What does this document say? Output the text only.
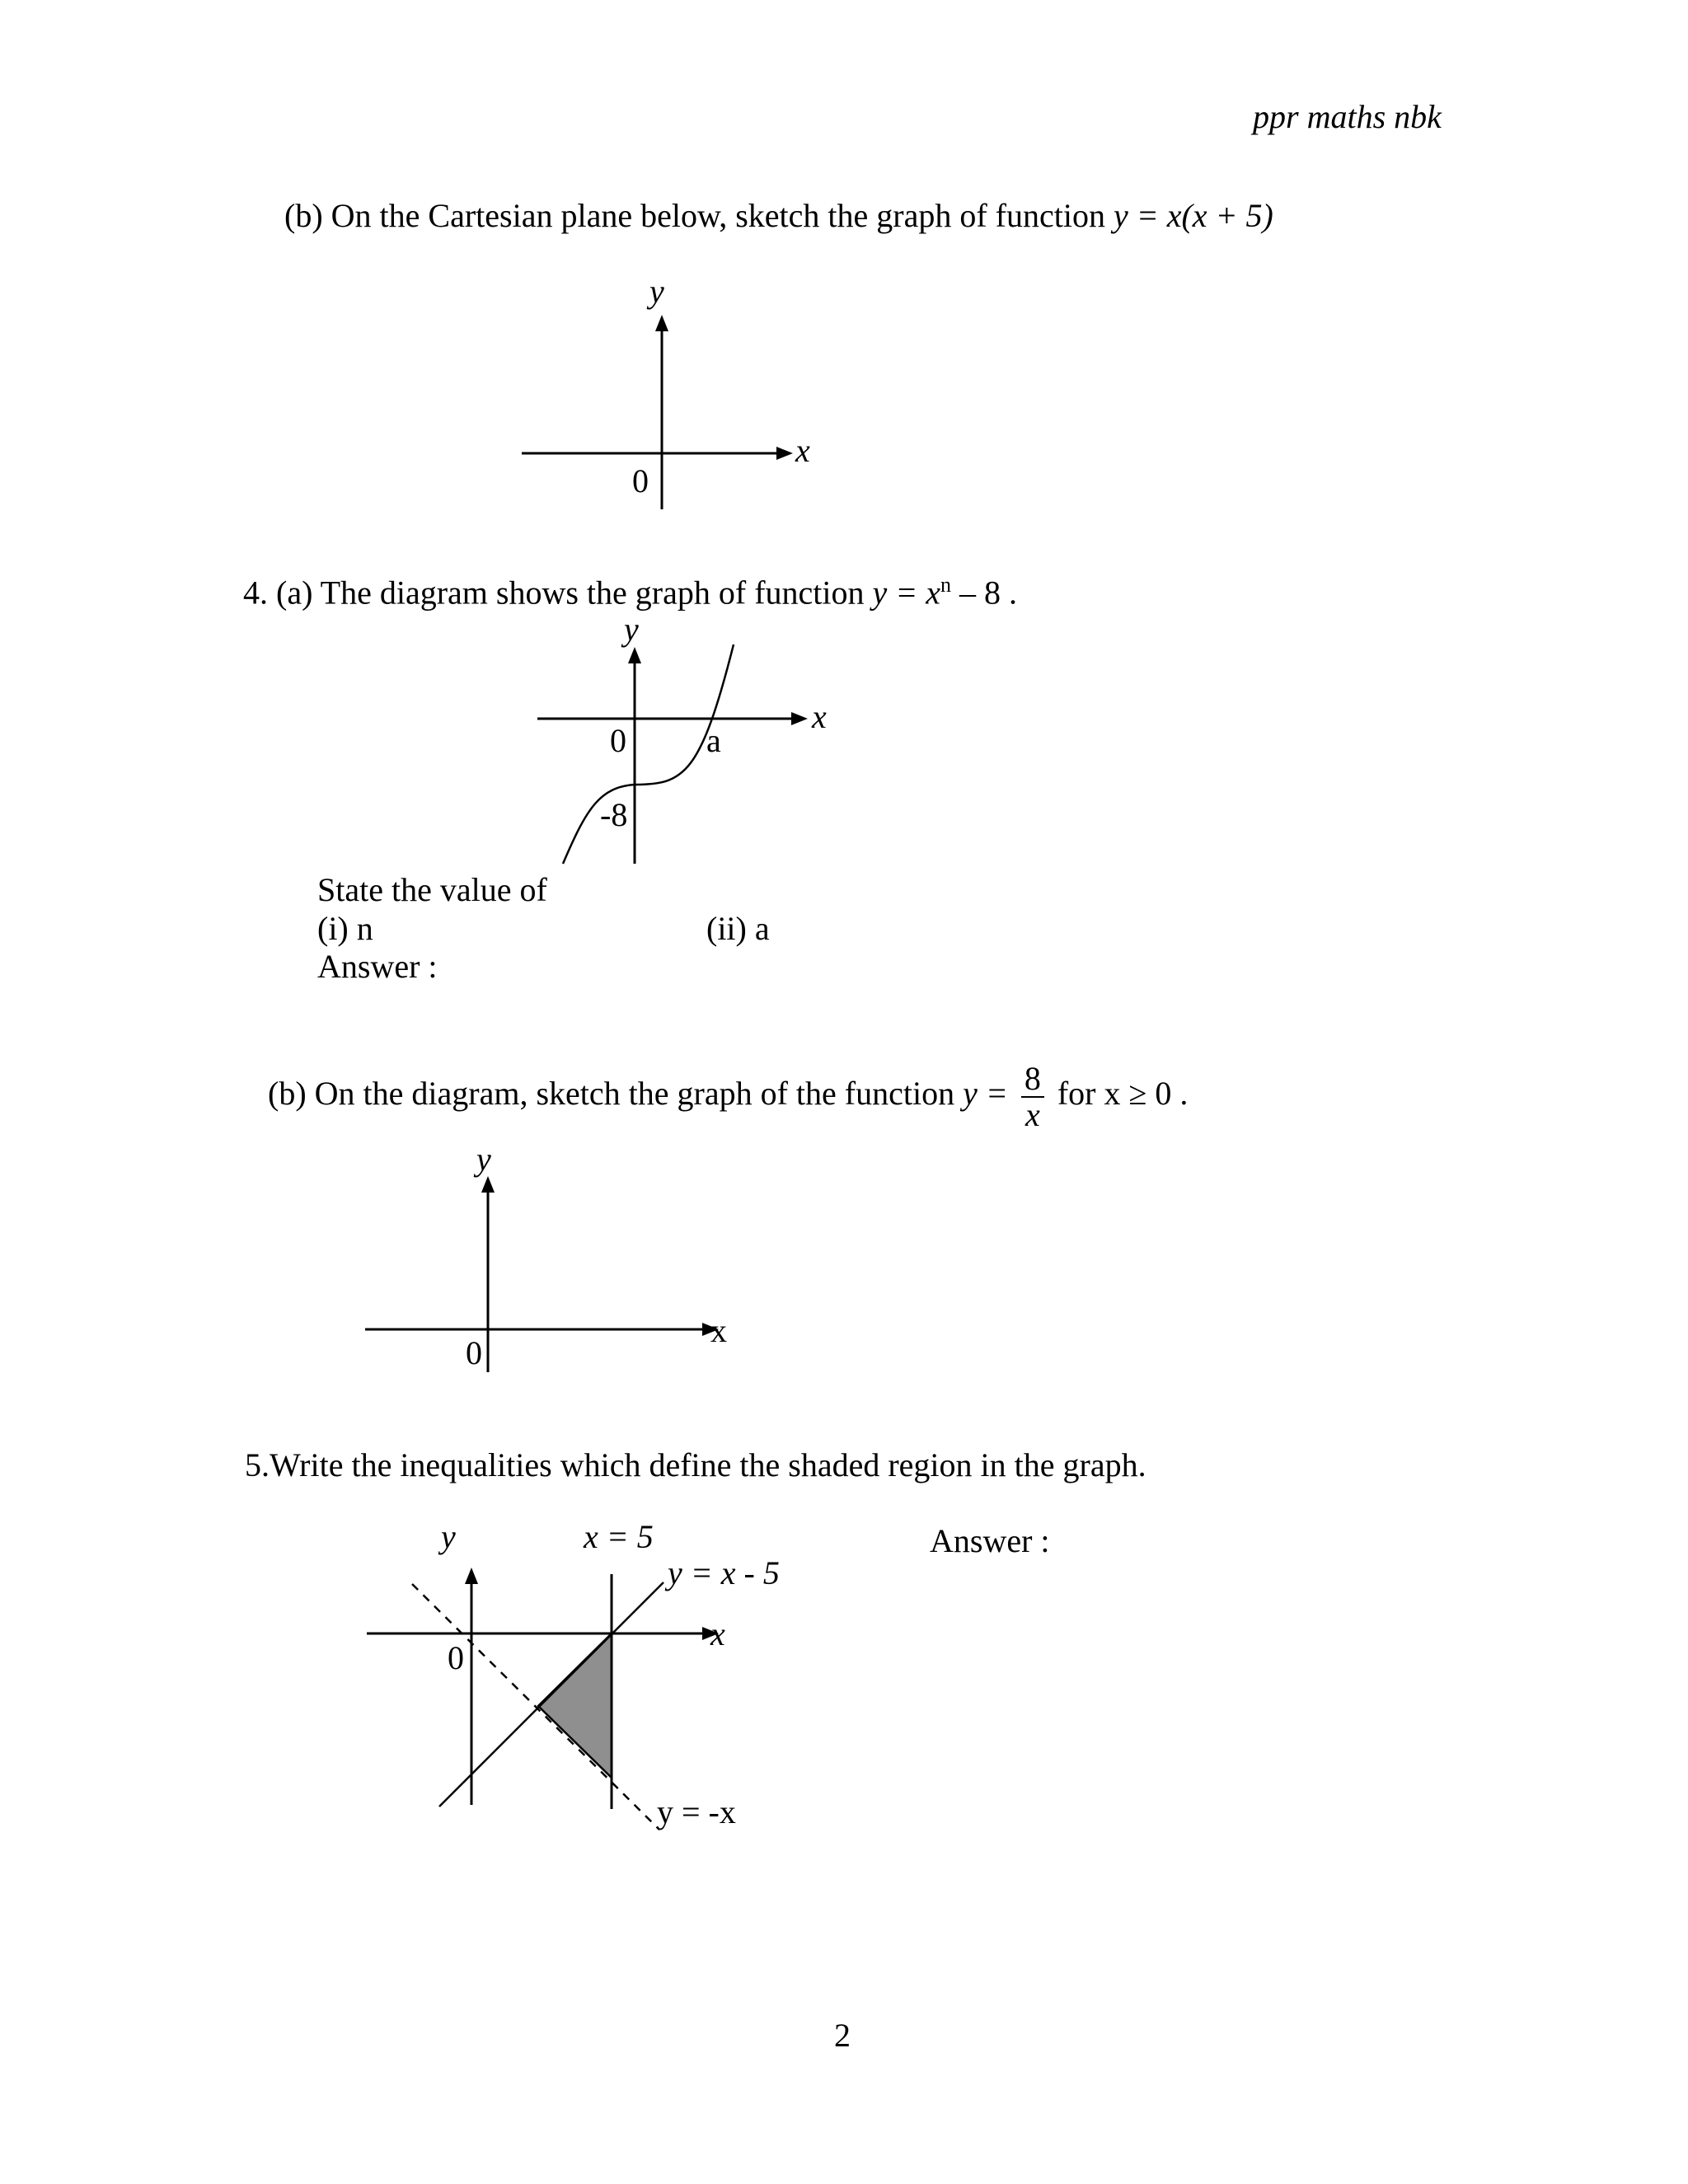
ppr maths nbk
(b) On the Cartesian plane below, sketch the graph of function y = x(x + 5)
y
x
0
4. (a) The diagram shows the graph of function $y = x^n - 8$ .
y
x
0 a
-8
State the value of
(i) n	(ii) a
Answer :
(b) On the diagram, sketch the graph of the function $y = \frac{8}{x}$ for x ≥ 0 .
y
x
0
5.Write the inequalities which define the shaded region in the graph.
Answer :
y
x
0
x = 5
y = x - 5
y = -x
2
